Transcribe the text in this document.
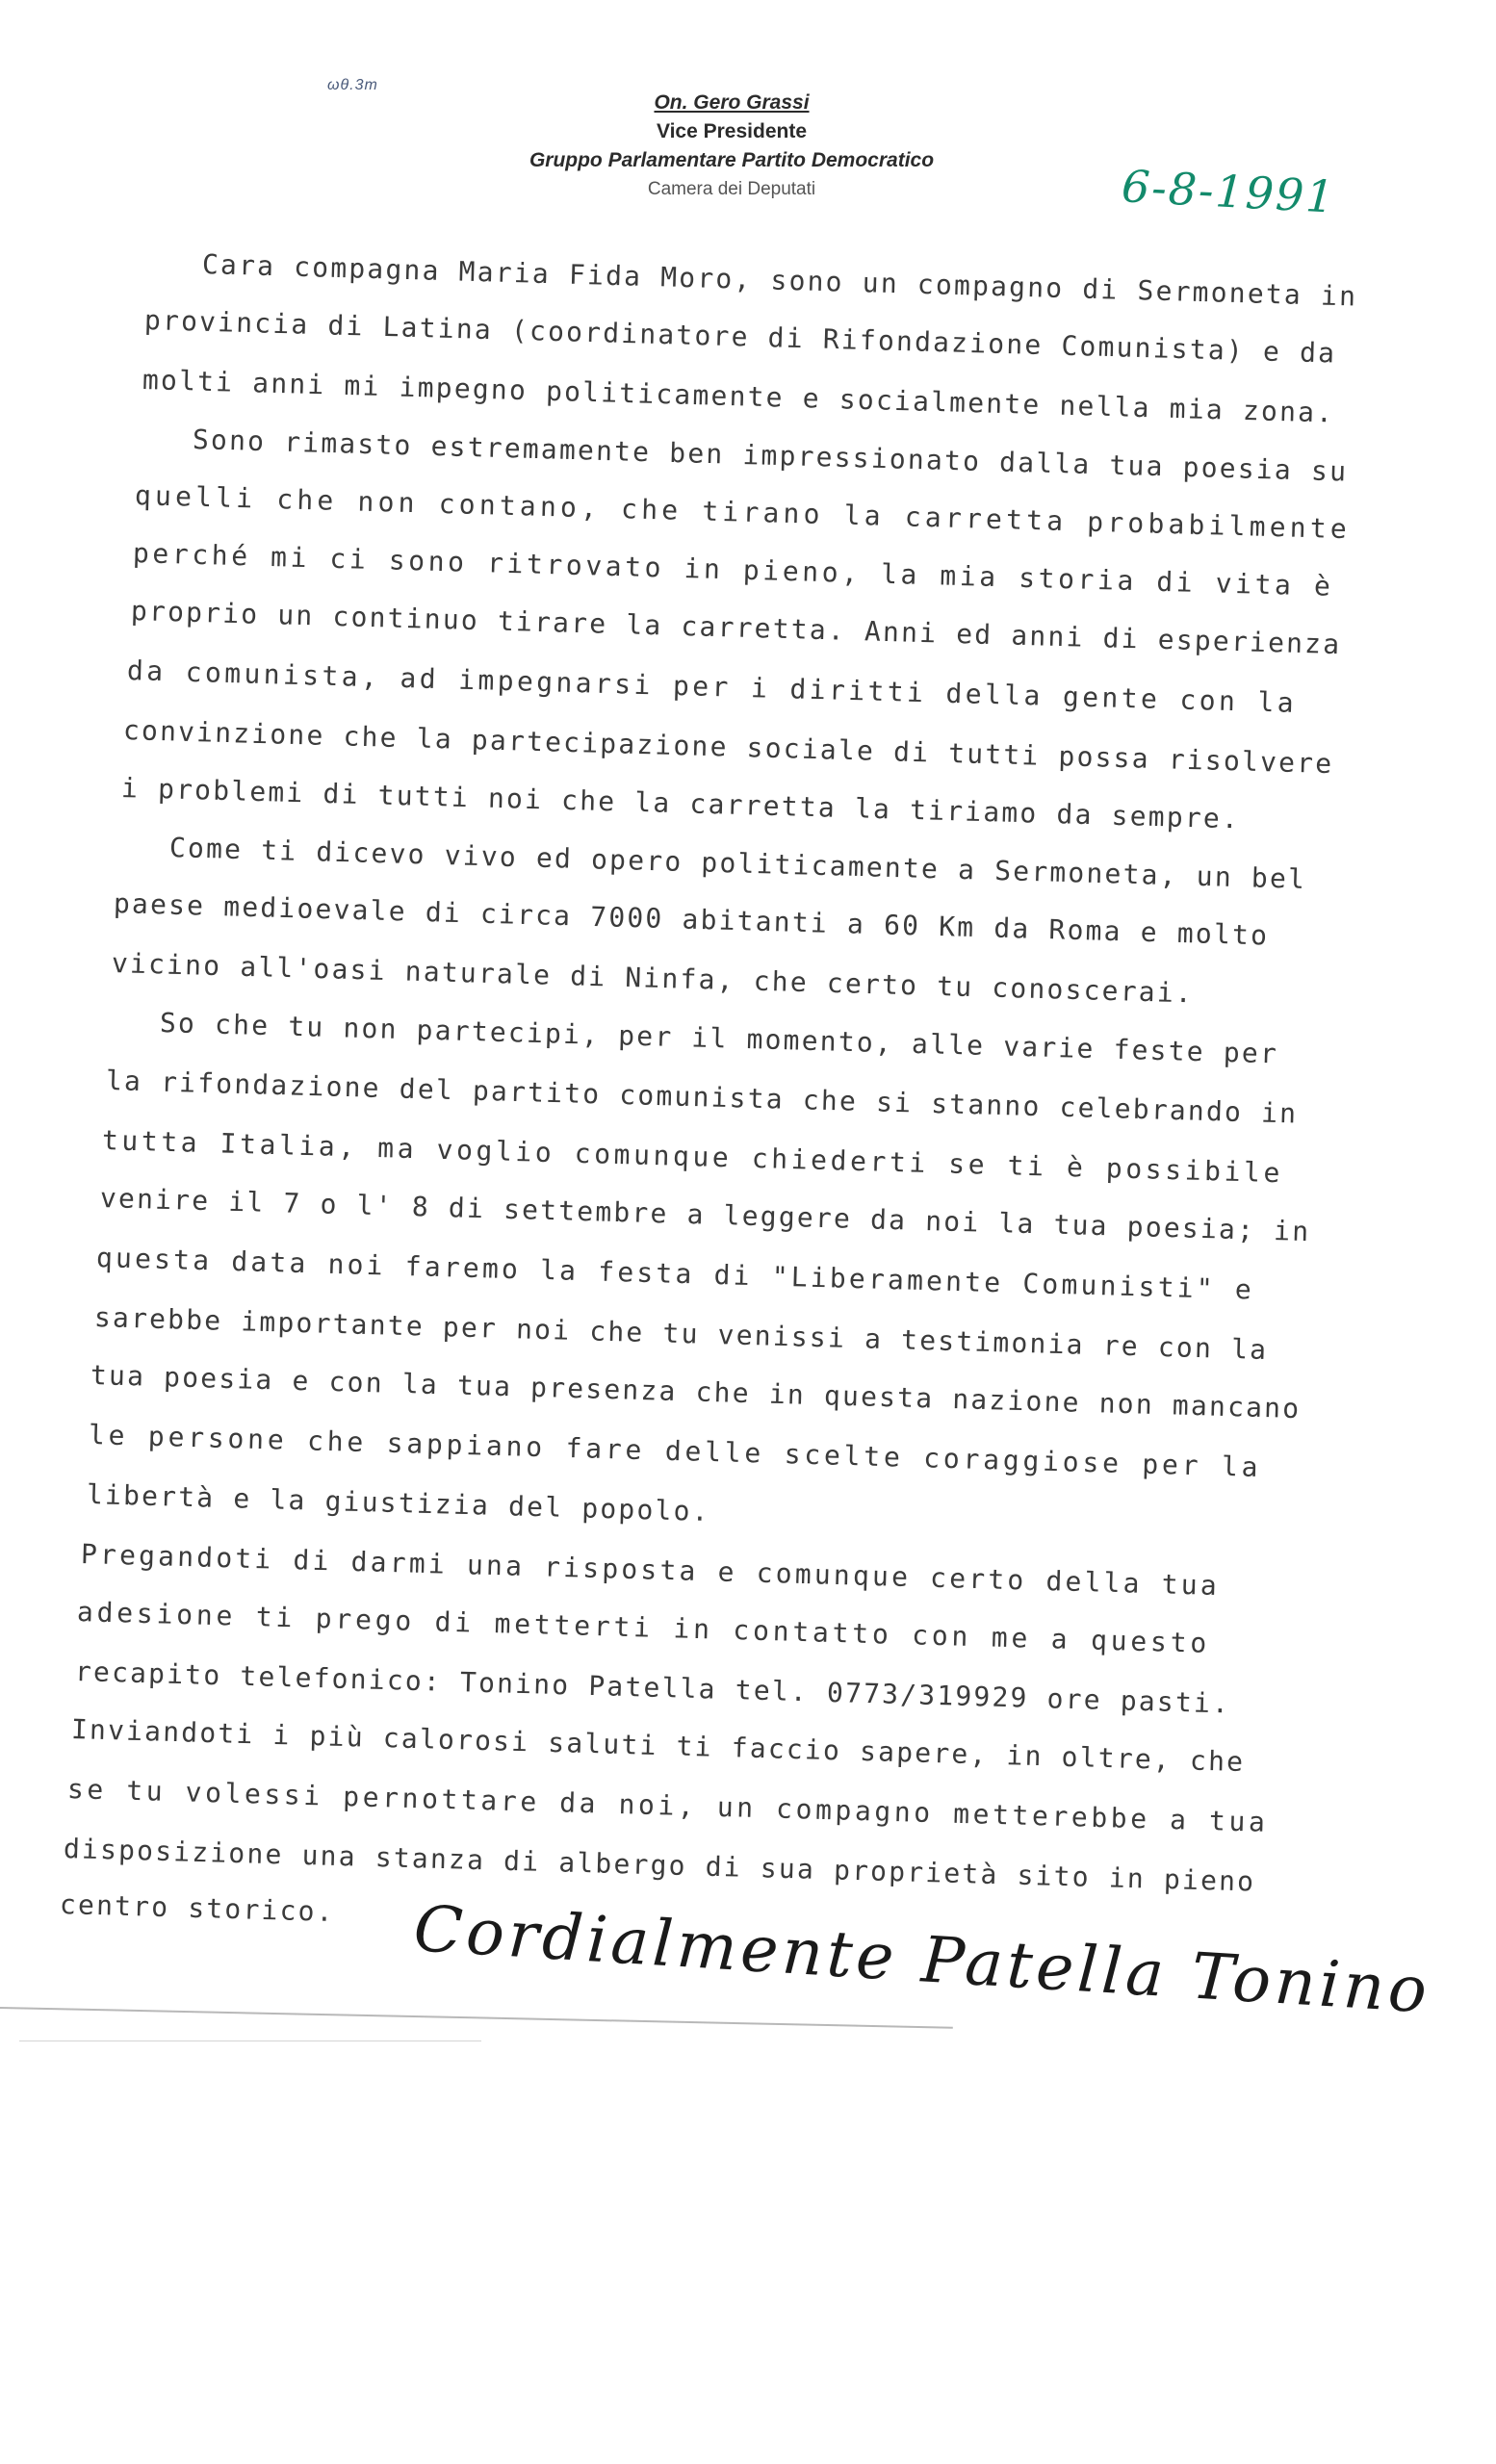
ωθ.3m
On. Gero Grassi
Vice Presidente
Gruppo Parlamentare Partito Democratico
Camera dei Deputati	6-8-1991
Cara compagna Maria Fida Moro, sono un compagno di Sermoneta in
provincia di Latina (coordinatore di Rifondazione Comunista) e da
molti anni mi impegno politicamente e socialmente nella mia zona.
Sono rimasto estremamente ben impressionato dalla tua poesia su
quelli che non contano, che tirano la carretta probabilmente
perché mi ci sono ritrovato in pieno, la mia storia di vita è
proprio un continuo tirare la carretta. Anni ed anni di esperienza
da comunista, ad impegnarsi per i diritti della gente con la
convinzione che la partecipazione sociale di tutti possa risolvere
i problemi di tutti noi che la carretta la tiriamo da sempre.
Come ti dicevo vivo ed opero politicamente a Sermoneta, un bel
paese medioevale di circa 7000 abitanti a 60 Km da Roma e molto
vicino all'oasi naturale di Ninfa, che certo tu conoscerai.
So che tu non partecipi, per il momento, alle varie feste per
la rifondazione del partito comunista che si stanno celebrando in
tutta Italia, ma voglio comunque chiederti se ti è possibile
venire il 7 o l' 8 di settembre a leggere da noi la tua poesia; in
questa data noi faremo la festa di "Liberamente Comunisti" e
sarebbe importante per noi che tu venissi a testimonia re con la
tua poesia e con la tua presenza che in questa nazione non mancano
le persone che sappiano fare delle scelte coraggiose per la
libertà e la giustizia del popolo.
Pregandoti di darmi una risposta e comunque certo della tua
adesione ti prego di metterti in contatto con me a questo
recapito telefonico: Tonino Patella tel. 0773/319929 ore pasti.
Inviandoti i più calorosi saluti ti faccio sapere, in oltre, che
se tu volessi pernottare da noi, un compagno metterebbe a tua
disposizione una stanza di albergo di sua proprietà sito in pieno
centro storico. Cordialmente Patella Tonino
